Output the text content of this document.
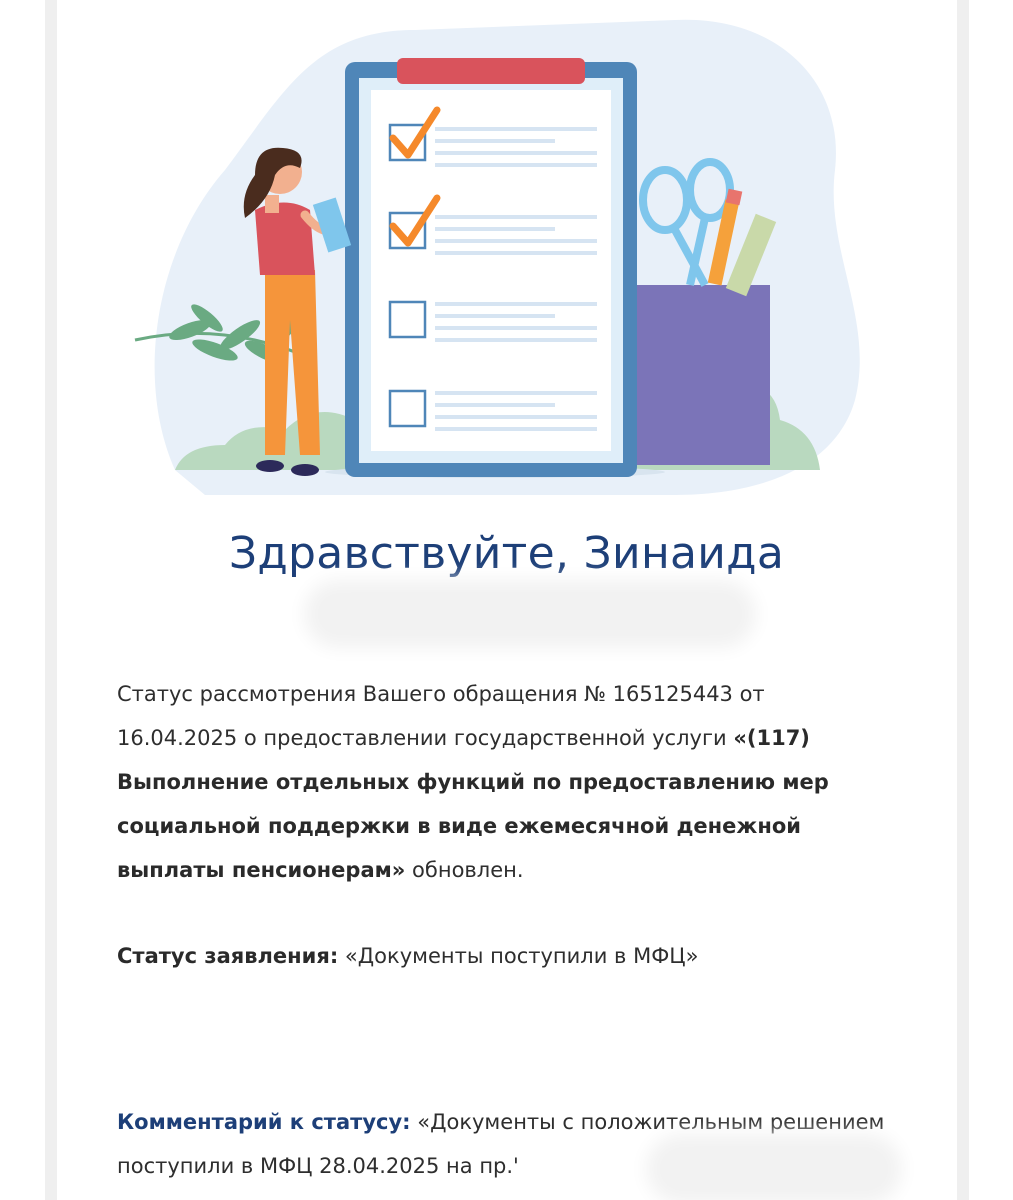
Здравствуйте, Зинаида
Статус рассмотрения Вашего обращения № 165125443 от 16.04.2025 о предоставлении государственной услуги «(117) Выполнение отдельных функций по предоставлению мер социальной поддержки в виде ежемесячной денежной выплаты пенсионерам» обновлен.
Статус заявления: «Документы поступили в МФЦ»
Комментарий к статусу: «Документы с положительным решением поступили в МФЦ 28.04.2025 на пр.'
